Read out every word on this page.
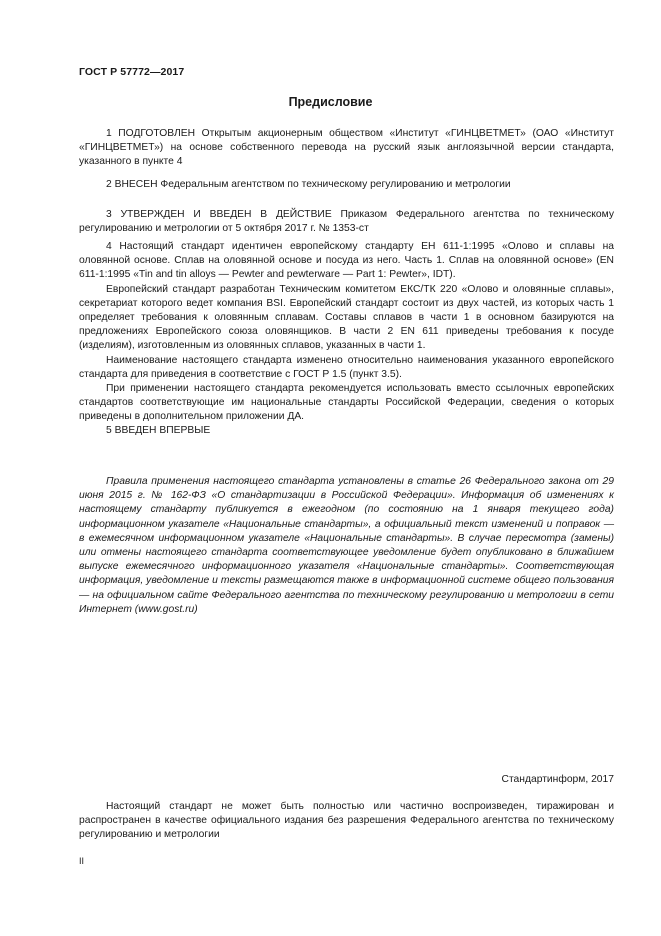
ГОСТ Р 57772—2017
Предисловие

1 ПОДГОТОВЛЕН Открытым акционерным обществом «Институт «ГИНЦВЕТМЕТ» (ОАО «Институт «ГИНЦВЕТМЕТ») на основе собственного перевода на русский язык англоязычной версии стандарта, указанного в пункте 4

2 ВНЕСЕН Федеральным агентством по техническому регулированию и метрологии

3 УТВЕРЖДЕН И ВВЕДЕН В ДЕЙСТВИЕ Приказом Федерального агентства по техническому регулированию и метрологии от 5 октября 2017 г. № 1353-ст

4 Настоящий стандарт идентичен европейскому стандарту ЕН 611-1:1995 «Олово и сплавы на оловянной основе. Сплав на оловянной основе и посуда из него. Часть 1. Сплав на оловянной основе» (EN 611-1:1995 «Tin and tin alloys — Pewter and pewterware — Part 1: Pewter», IDT).

Европейский стандарт разработан Техническим комитетом ЕКС/ТК 220 «Олово и оловянные сплавы», секретариат которого ведет компания BSI. Европейский стандарт состоит из двух частей, из которых часть 1 определяет требования к оловянным сплавам. Составы сплавов в части 1 в основном базируются на предложениях Европейского союза оловянщиков. В части 2 EN 611 приведены требования к посуде (изделиям), изготовленным из оловянных сплавов, указанных в части 1.

Наименование настоящего стандарта изменено относительно наименования указанного европейского стандарта для приведения в соответствие с ГОСТ Р 1.5 (пункт 3.5).

При применении настоящего стандарта рекомендуется использовать вместо ссылочных европейских стандартов соответствующие им национальные стандарты Российской Федерации, сведения о которых приведены в дополнительном приложении ДА.

5 ВВЕДЕН ВПЕРВЫЕ

Правила применения настоящего стандарта установлены в статье 26 Федерального закона от 29 июня 2015 г. № 162-ФЗ «О стандартизации в Российской Федерации». Информация об изменениях к настоящему стандарту публикуется в ежегодном (по состоянию на 1 января текущего года) информационном указателе «Национальные стандарты», а официальный текст изменений и поправок — в ежемесячном информационном указателе «Национальные стандарты». В случае пересмотра (замены) или отмены настоящего стандарта соответствующее уведомление будет опубликовано в ближайшем выпуске ежемесячного информационного указателя «Национальные стандарты». Соответствующая информация, уведомление и тексты размещаются также в информационной системе общего пользования — на официальном сайте Федерального агентства по техническому регулированию и метрологии в сети Интернет (www.gost.ru)

Стандартинформ, 2017

Настоящий стандарт не может быть полностью или частично воспроизведен, тиражирован и распространен в качестве официального издания без разрешения Федерального агентства по техническому регулированию и метрологии

II
